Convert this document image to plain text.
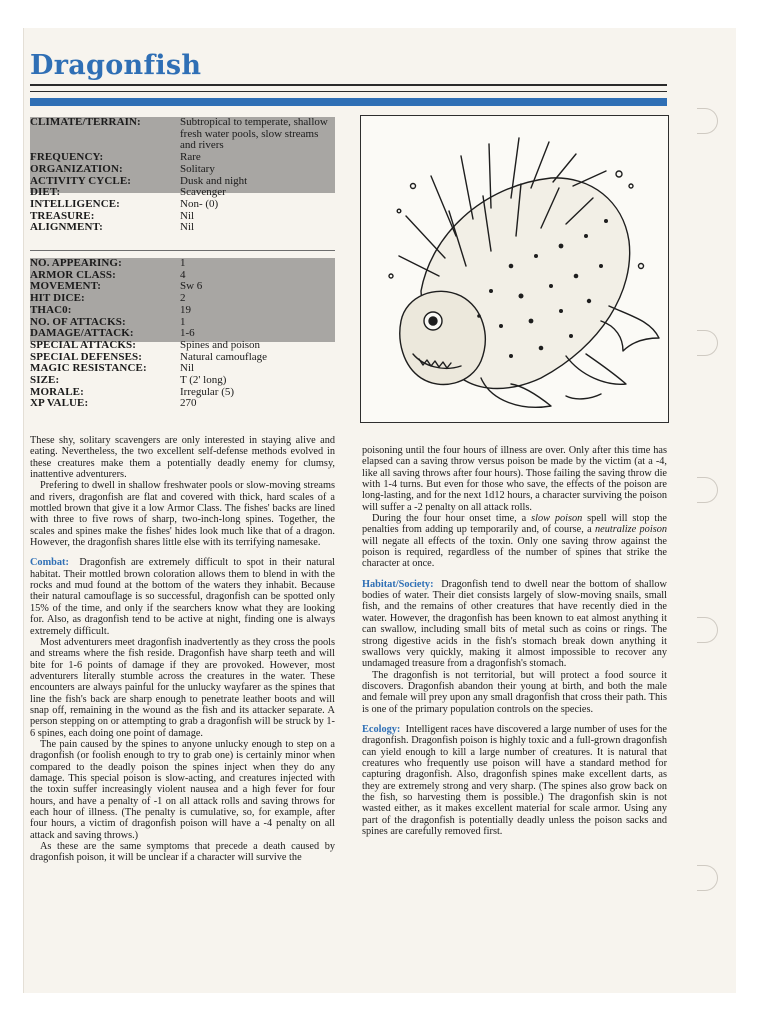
Dragonfish
CLIMATE/TERRAIN:	Subtropical to temperate, shallow fresh water pools, slow streams and rivers
FREQUENCY:	Rare
ORGANIZATION:	Solitary
ACTIVITY CYCLE:	Dusk and night
DIET:	Scavenger
INTELLIGENCE:	Non- (0)
TREASURE:	Nil
ALIGNMENT:	Nil
NO. APPEARING:	1
ARMOR CLASS:	4
MOVEMENT:	Sw 6
HIT DICE:	2
THAC0:	19
NO. OF ATTACKS:	1
DAMAGE/ATTACK:	1-6
SPECIAL ATTACKS:	Spines and poison
SPECIAL DEFENSES:	Natural camouflage
MAGIC RESISTANCE:	Nil
SIZE:	T (2' long)
MORALE:	Irregular (5)
XP VALUE:	270

These shy, solitary scavengers are only interested in staying alive and eating. Nevertheless, the two excellent self-defense methods evolved in these creatures make them a potentially deadly enemy for clumsy, inattentive adventurers.

Prefering to dwell in shallow freshwater pools or slow-moving streams and rivers, dragonfish are flat and covered with thick, hard scales of a mottled brown that give it a low Armor Class. The fishes' backs are lined with three to five rows of sharp, two-inch-long spines. Together, the scales and spines make the fishes' hides look much like that of a dragon. However, the dragonfish shares little else with its terrifying namesake.

Combat: Dragonfish are extremely difficult to spot in their natural habitat. Their mottled brown coloration allows them to blend in with the rocks and mud found at the bottom of the waters they inhabit. Because their natural camouflage is so successful, dragonfish can be spotted only 15% of the time, and only if the searchers know what they are looking for. Also, as dragonfish tend to be active at night, finding one is always extremely difficult.

Most adventurers meet dragonfish inadvertently as they cross the pools and streams where the fish reside. Dragonfish have sharp teeth and will bite for 1-6 points of damage if they are provoked. However, most adventurers literally stumble across the creatures in the water. These encounters are always painful for the unlucky wayfarer as the spines that line the fish's back are sharp enough to penetrate leather boots and will snap off, remaining in the wound as the fish and its attacker separate. A person stepping on or attempting to grab a dragonfish will be struck by 1-6 spines, each doing one point of damage.

The pain caused by the spines to anyone unlucky enough to step on a dragonfish (or foolish enough to try to grab one) is certainly minor when compared to the deadly poison the spines inject when they do any damage. This special poison is slow-acting, and creatures injected with the toxin suffer increasingly violent nausea and a high fever for four hours, and have a penalty of -1 on all attack rolls and saving throws for each hour of illness. (The penalty is cumulative, so, for example, after four hours, a victim of dragonfish poison will have a -4 penalty on all attack and saving throws.)

As these are the same symptoms that precede a death caused by dragonfish poison, it will be unclear if a character will survive the

poisoning until the four hours of illness are over. Only after this time has elapsed can a saving throw versus poison be made by the victim (at a -4, like all saving throws after four hours). Those failing the saving throw die with 1-4 turns. But even for those who save, the effects of the poison are long-lasting, and for the next 1d12 hours, a character surviving the poison will suffer a -2 penalty on all attack rolls.

During the four hour onset time, a slow poison spell will stop the penalties from adding up temporarily and, of course, a neutralize poison will negate all effects of the toxin. Only one saving throw against the poison is required, regardless of the number of spines that strike the character at once.

Habitat/Society: Dragonfish tend to dwell near the bottom of shallow bodies of water. Their diet consists largely of slow-moving snails, small fish, and the remains of other creatures that have recently died in the water. However, the dragonfish has been known to eat almost anything it can swallow, including small bits of metal such as coins or rings. The strong digestive acids in the fish's stomach break down anything it swallows very quickly, making it almost impossible to recover any undamaged treasure from a dragonfish's stomach.

The dragonfish is not territorial, but will protect a food source it discovers. Dragonfish abandon their young at birth, and both the male and female will prey upon any small dragonfish that cross their path. This is one of the primary population controls on the species.

Ecology: Intelligent races have discovered a large number of uses for the dragonfish. Dragonfish poison is highly toxic and a full-grown dragonfish can yield enough to kill a large number of creatures. It is natural that creatures who frequently use poison will have a standard method for capturing dragonfish. Also, dragonfish spines make excellent darts, as they are extremely strong and very sharp. (The spines also grow back on the fish, so harvesting them is possible.) The dragonfish skin is not wasted either, as it makes excellent material for scale armor. Using any part of the dragonfish is potentially deadly unless the poison sacks and spines are carefully removed first.
